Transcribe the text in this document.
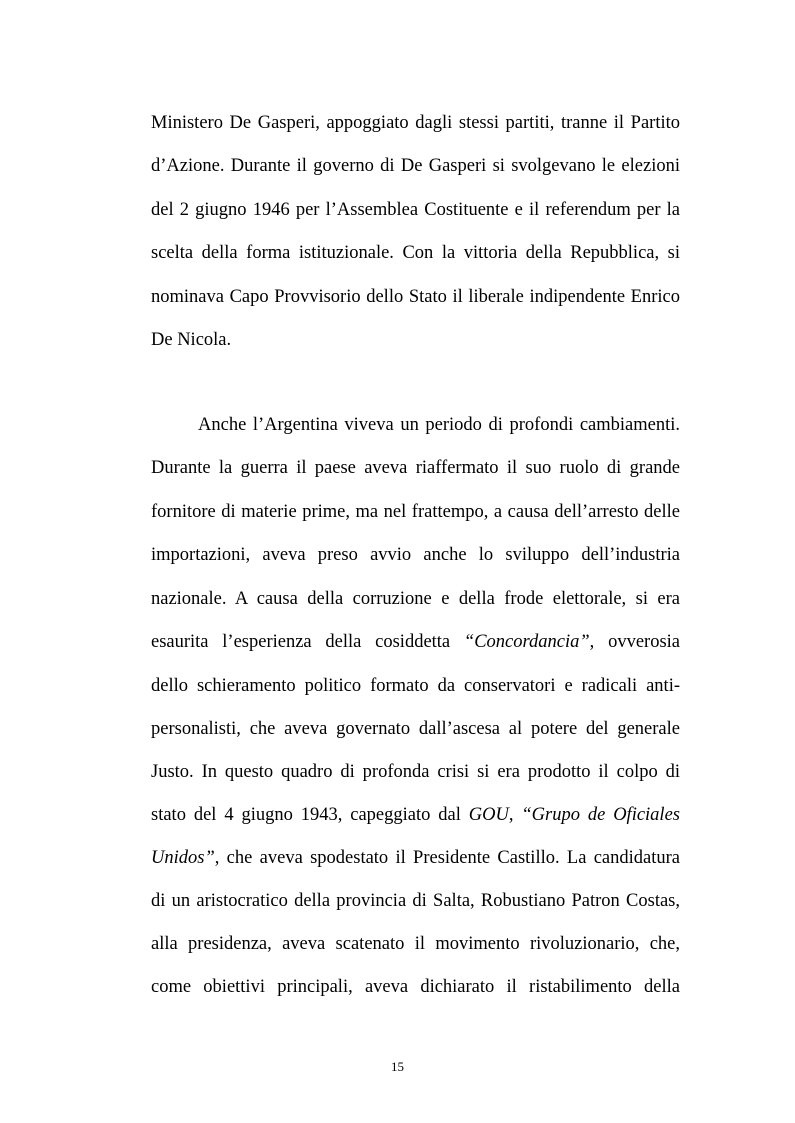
Ministero De Gasperi, appoggiato dagli stessi partiti, tranne il Partito
d’Azione. Durante il governo di De Gasperi si svolgevano le elezioni
del 2 giugno 1946 per l’Assemblea Costituente e il referendum per la
scelta della forma istituzionale. Con la vittoria della Repubblica, si
nominava Capo Provvisorio dello Stato il liberale indipendente Enrico
De Nicola.
Anche l’Argentina viveva un periodo di profondi cambiamenti.
Durante la guerra il paese aveva riaffermato il suo ruolo di grande
fornitore di materie prime, ma nel frattempo, a causa dell’arresto delle
importazioni, aveva preso avvio anche lo sviluppo dell’industria
nazionale. A causa della corruzione e della frode elettorale, si era
esaurita l’esperienza della cosiddetta “Concordancia”, ovverosia
dello schieramento politico formato da conservatori e radicali anti-
personalisti, che aveva governato dall’ascesa al potere del generale
Justo. In questo quadro di profonda crisi si era prodotto il colpo di
stato del 4 giugno 1943, capeggiato dal GOU, “Grupo de Oficiales
Unidos”, che aveva spodestato il Presidente Castillo. La candidatura
di un aristocratico della provincia di Salta, Robustiano Patron Costas,
alla presidenza, aveva scatenato il movimento rivoluzionario, che,
come obiettivi principali, aveva dichiarato il ristabilimento della
15
